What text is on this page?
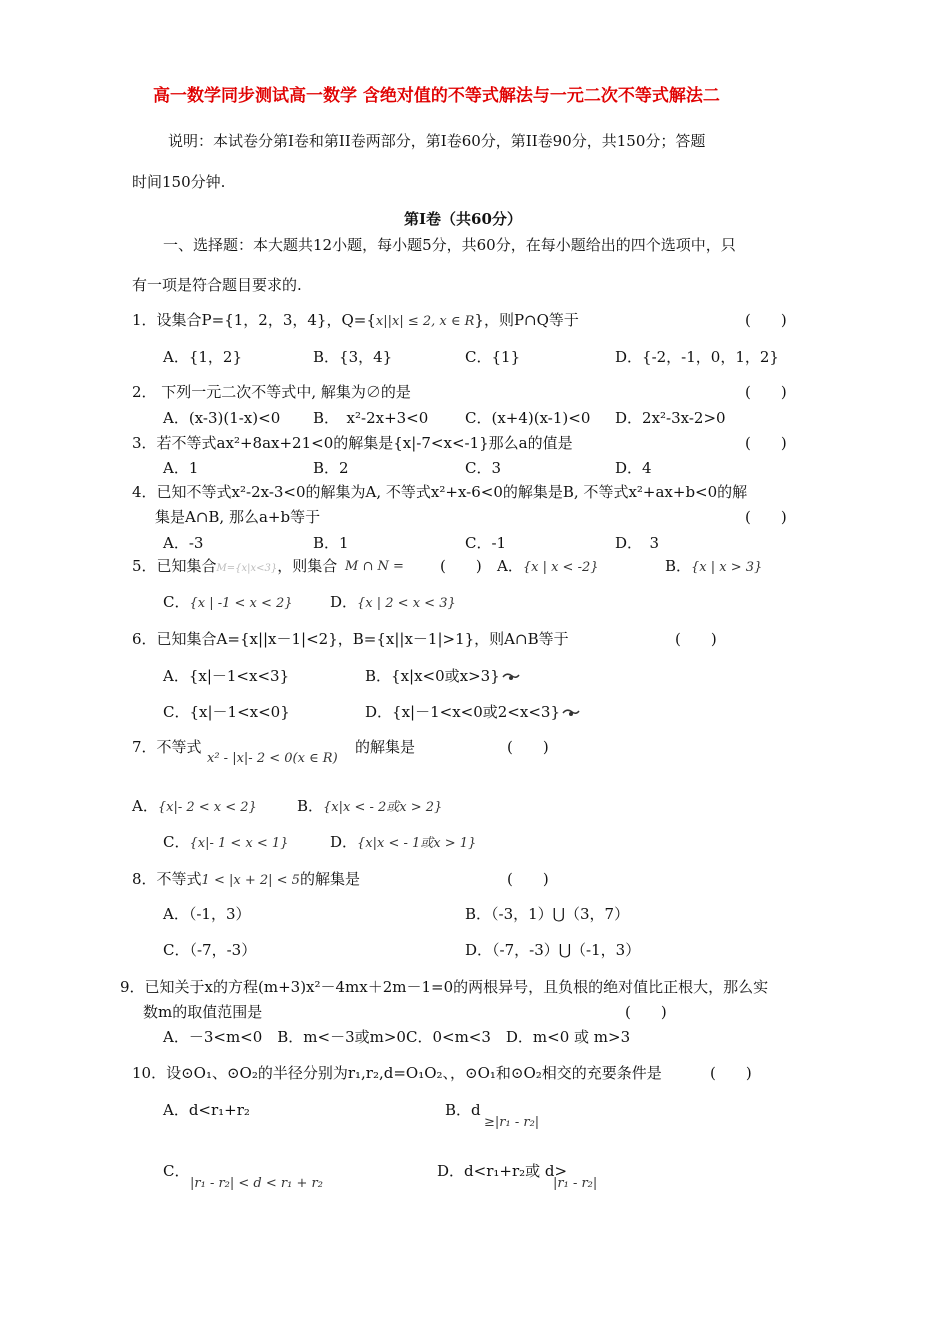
高一数学同步测试高一数学 含绝对值的不等式解法与一元二次不等式解法二
说明：本试卷分第Ⅰ卷和第II卷两部分，第Ⅰ卷60分，第II卷90分，共150分；答题
时间150分钟.
第Ⅰ卷（共60分）
一、选择题：本大题共12小题，每小题5分，共60分，在每小题给出的四个选项中，只
有一项是符合题目要求的.
1．设集合P={1，2，3，4}，Q={x||x| ≤ 2, x ∈ R}，则P∩Q等于	(　　)
A．{1，2}	B．{3，4}	C．{1}	D．{-2，-1，0，1，2}
2． 下列一元二次不等式中, 解集为∅的是	(　　)
A．(x-3)(1-x)<0 B．　x²-2x+3<0 C．(x+4)(x-1)<0 D．2x²-3x-2>0
3．若不等式ax²+8ax+21<0的解集是{x|-7<x<-1}那么a的值是	(　　)
A．1	B．2	C．3	D．4
4．已知不等式x²-2x-3<0的解集为A, 不等式x²+x-6<0的解集是B, 不等式x²+ax+b<0的解
集是A∩B, 那么a+b等于	(　　)
A．-3	B．1	C．-1	D．　3
5．已知集合M={x|x<3}，则集合 M ∩ N = (　　) A．{x | x < -2}	B．{x | x > 3}
C．{x | -1 < x < 2} D．{x | 2 < x < 3}
6．已知集合A={x||x－1|<2}，B={x||x－1|>1}，则A∩B等于	(　　)
A．{x|－1<x<3}	B．{x|x<0或x>3}
C．{x|－1<x<0}	D．{x|－1<x<0或2<x<3}
7．不等式
x² - |x|- 2 < 0(x ∈ R)
的解集是	(　　)
A．{x|- 2 < x < 2}	B．{x|x < - 2或x > 2}
C．{x|- 1 < x < 1}	D．{x|x < - 1或x > 1}
8．不等式1 < |x + 2| < 5的解集是	(　　)
A．（-1，3）	B．（-3，1）⋃（3，7）
C．（-7，-3）	D．（-7，-3）⋃（-1，3）
9．已知关于x的方程(m+3)x²－4mx＋2m－1=0的两根异号，且负根的绝对值比正根大，那么实
数m的取值范围是	(　　)
A．－3<m<0　B．m<－3或m>0C．0<m<3　D．m<0 或 m>3
10．设⊙O₁、⊙O₂的半径分别为r₁,r₂,d=O₁O₂、，⊙O₁和⊙O₂相交的充要条件是	(　　)
A．d<r₁+r₂	B．d
≥|r₁ - r₂|
C．
|r₁ - r₂| < d < r₁ + r₂
D．d<r₁+r₂或 d>
|r₁ - r₂|
